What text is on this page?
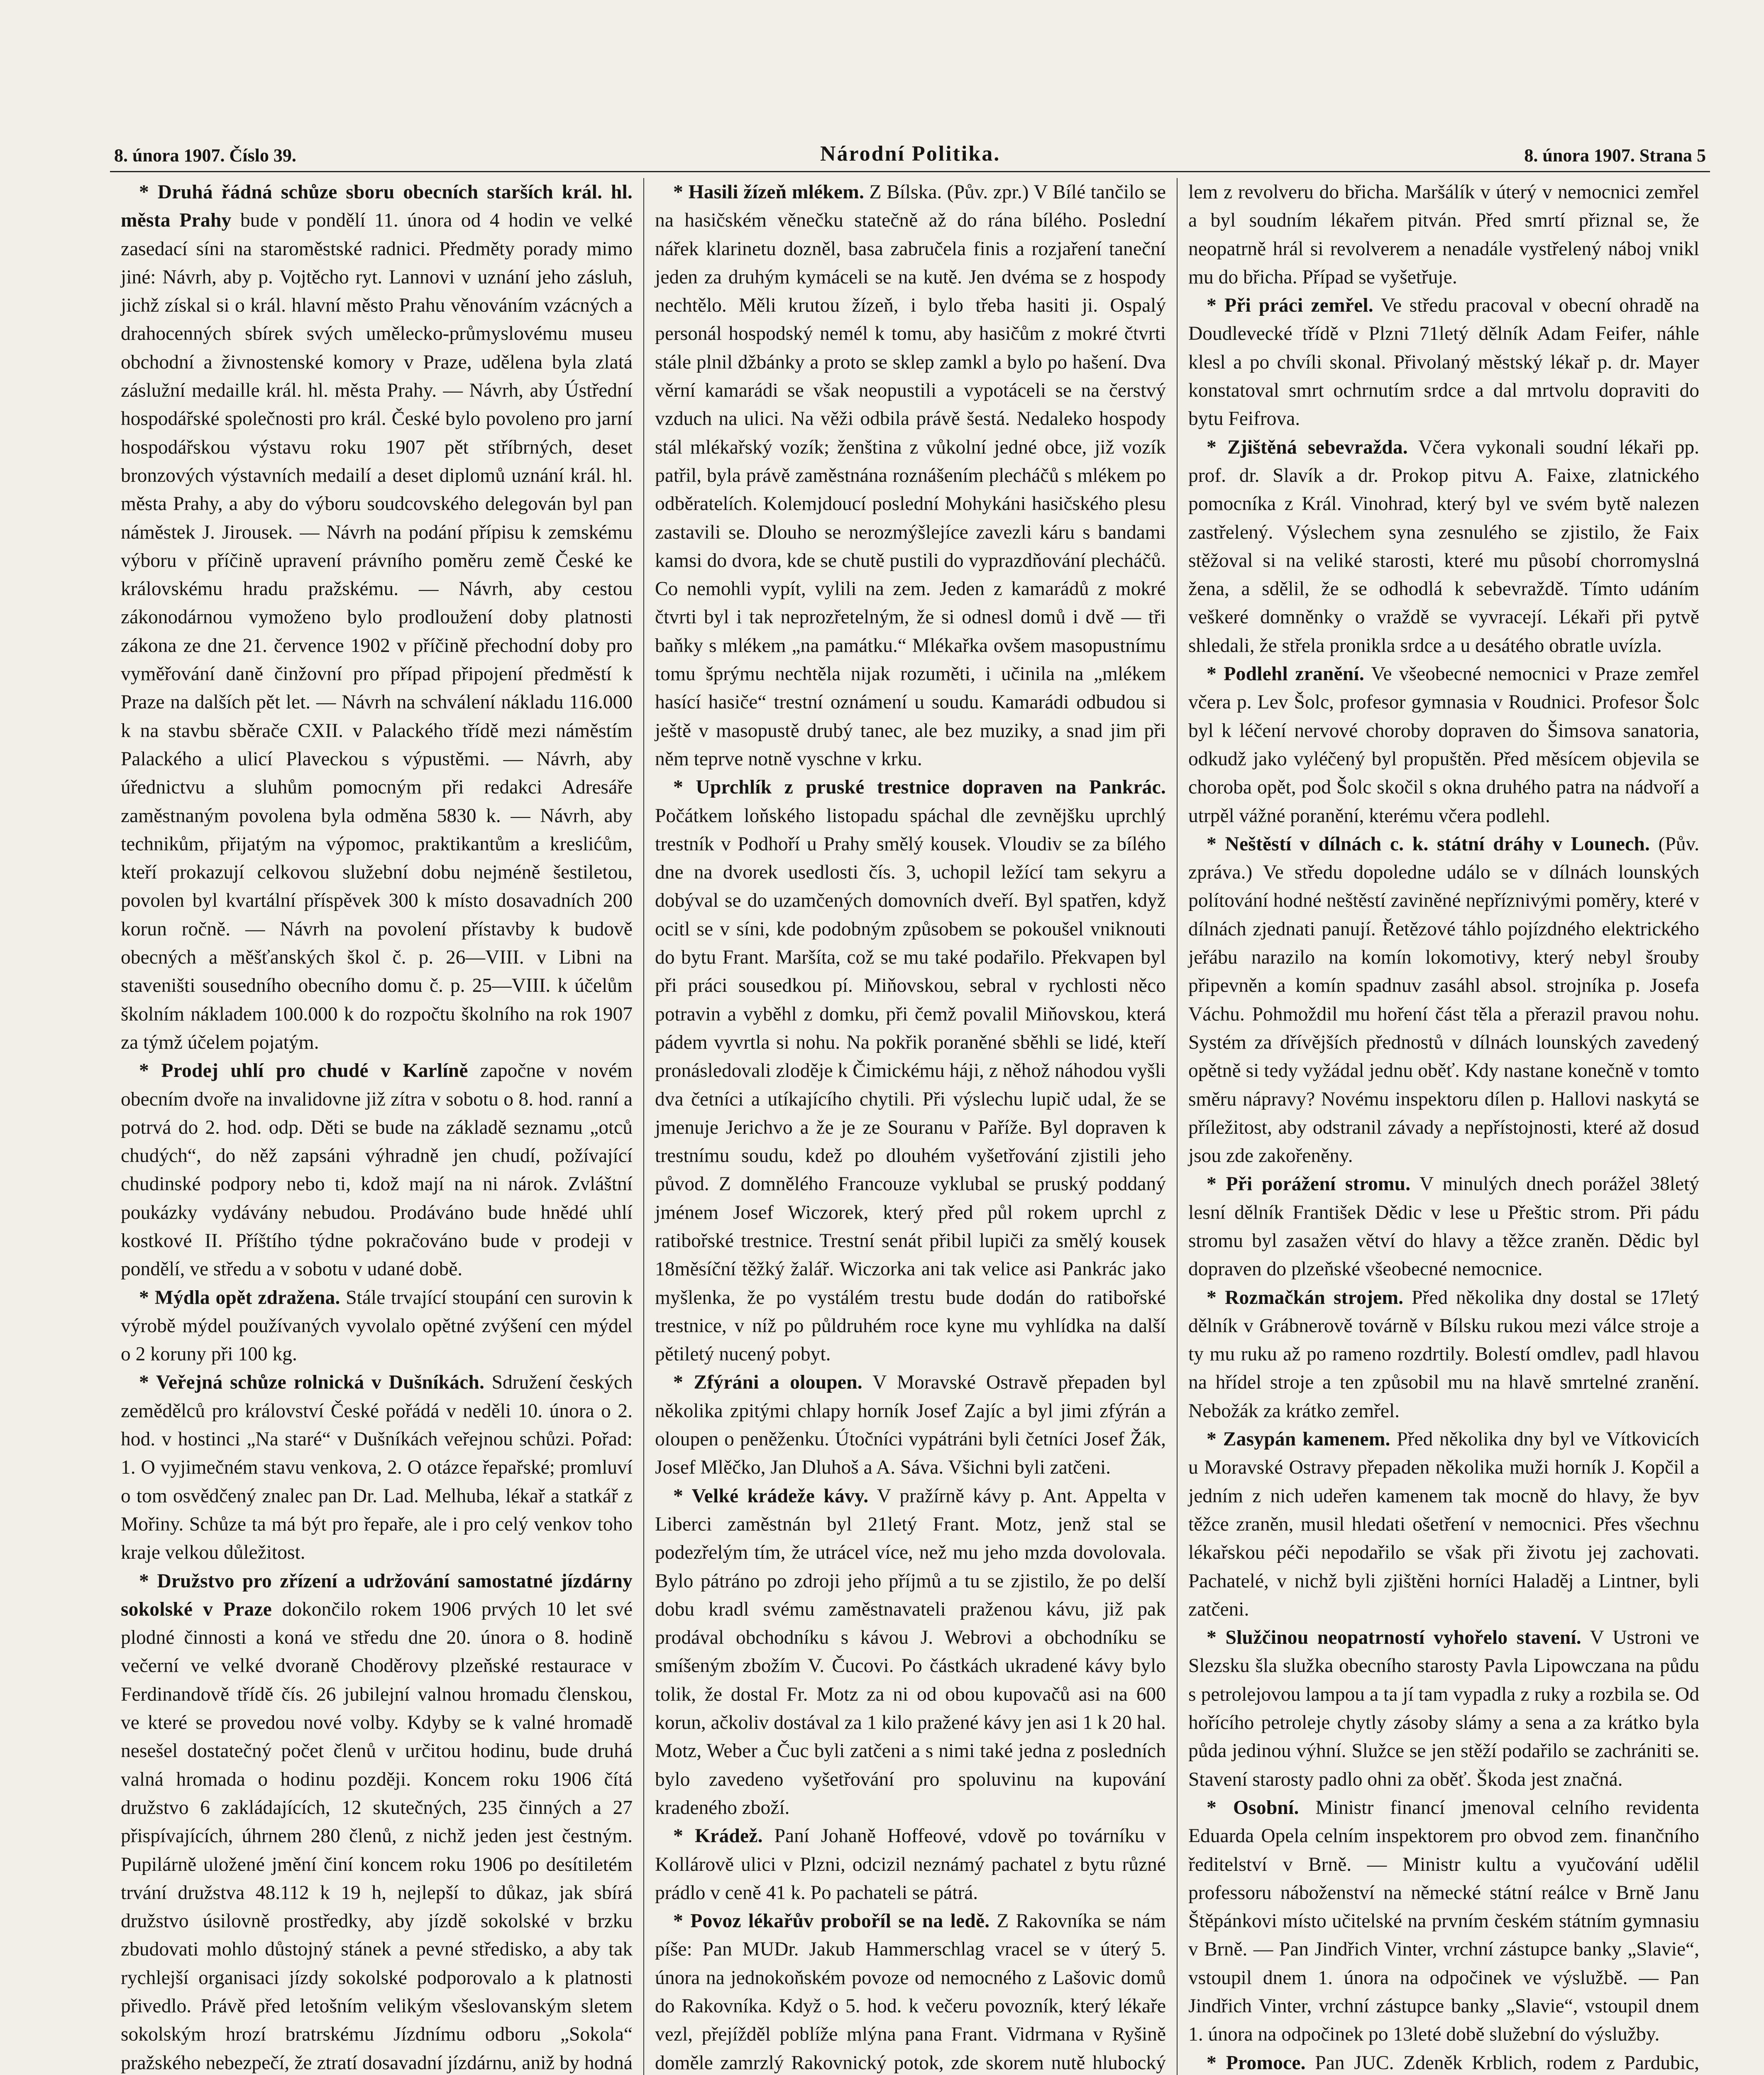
8. února 1907. Číslo 39.	Národní Politika.	8. února 1907. Strana 5

* Druhá řádná schůze sboru obecních starších král. hl. města Prahy bude v pondělí 11. února od 4 hodin ve velké zasedací síni na staroměstské radnici. Předměty porady mimo jiné: Návrh, aby p. Vojtěcho ryt. Lannovi v uznání jeho zásluh, jichž získal si o král. hlavní město Prahu věnováním vzácných a drahocenných sbírek svých umělecko-průmyslovému museu obchodní a živnostenské komory v Praze, udělena byla zlatá záslužní medaille král. hl. města Prahy. — Návrh, aby Ústřední hospodářské společnosti pro král. České bylo povoleno pro jarní hospodářskou výstavu roku 1907 pět stříbrných, deset bronzových výstavních medailí a deset diplomů uznání král. hl. města Prahy, a aby do výboru soudcovského delegován byl pan náměstek J. Jirousek. — Návrh na podání přípisu k zemskému výboru v příčině upravení právního poměru země České ke královskému hradu pražskému. — Návrh, aby cestou zákonodárnou vymoženo bylo prodloužení doby platnosti zákona ze dne 21. července 1902 v příčině přechodní doby pro vyměřování daně činžovní pro případ připojení předměstí k Praze na dalších pět let. — Návrh na schválení nákladu 116.000 k na stavbu sběrače CXII. v Palackého třídě mezi náměstím Palackého a ulicí Plaveckou s výpustěmi. — Návrh, aby úřednictvu a sluhům pomocným při redakci Adresáře zaměstnaným povolena byla odměna 5830 k. — Návrh, aby technikům, přijatým na výpomoc, praktikantům a kreslićům, kteří prokazují celkovou služební dobu nejméně šestiletou, povolen byl kvartální příspěvek 300 k místo dosavadních 200 korun ročně. — Návrh na povolení přístavby k budově obecných a měšťanských škol č. p. 26—VIII. v Libni na staveništi sousedního obecního domu č. p. 25—VIII. k účelům školním nákladem 100.000 k do rozpočtu školního na rok 1907 za týmž účelem pojatým.

* Prodej uhlí pro chudé v Karlíně započne v novém obecním dvoře na invalidovne již zítra v sobotu o 8. hod. ranní a potrvá do 2. hod. odp. Děti se bude na základě seznamu „otců chudých“, do něž zapsáni výhradně jen chudí, požívající chudinské podpory nebo ti, kdož mají na ni nárok. Zvláštní poukázky vydávány nebudou. Prodáváno bude hnědé uhlí kostkové II. Příštího týdne pokračováno bude v prodeji v pondělí, ve středu a v sobotu v udané době.

* Mýdla opět zdražena. Stále trvající stoupání cen surovin k výrobě mýdel používaných vyvolalo opětné zvýšení cen mýdel o 2 koruny při 100 kg.

* Veřejná schůze rolnická v Dušníkách. Sdružení českých zemědělců pro království České pořádá v neděli 10. února o 2. hod. v hostinci „Na staré“ v Dušníkách veřejnou schůzi. Pořad: 1. O vyjimečném stavu venkova, 2. O otázce řepařské; promluví o tom osvědčený znalec pan Dr. Lad. Melhuba, lékař a statkář z Mořiny. Schůze ta má být pro řepaře, ale i pro celý venkov toho kraje velkou důležitost.

* Družstvo pro zřízení a udržování samostatné jízdárny sokolské v Praze dokončilo rokem 1906 prvých 10 let své plodné činnosti a koná ve středu dne 20. února o 8. hodině večerní ve velké dvoraně Choděrovy plzeňské restaurace v Ferdinandově třídě čís. 26 jubilejní valnou hromadu členskou, ve které se provedou nové volby. Kdyby se k valné hromadě nesešel dostatečný počet členů v určitou hodinu, bude druhá valná hromada o hodinu později. Koncem roku 1906 čítá družstvo 6 zakládajících, 12 skutečných, 235 činných a 27 přispívajících, úhrnem 280 členů, z nichž jeden jest čestným. Pupilárně uložené jmění činí koncem roku 1906 po desítiletém trvání družstva 48.112 k 19 h, nejlepší to důkaz, jak sbírá družstvo úsilovně prostředky, aby jízdě sokolské v brzku zbudovati mohlo důstojný stánek a pevné středisko, a aby tak rychlejší organisaci jízdy sokolské podporovalo a k platnosti přivedlo. Právě před letošním velikým všeslovanským sletem sokolským hrozí bratrskému Jízdnímu odboru „Sokola“ pražského nebezpečí, že ztratí dosavadní jízdárnu, aniž by hodná

* Hasili žízeň mlékem. Z Bílska. (Pův. zpr.) V Bílé tančilo se na hasičském věnečku statečně až do rána bílého. Poslední nářek klarinetu dozněl, basa zabručela finis a rozjaření taneční jeden za druhým kymáceli se na kutě. Jen dvéma se z hospody nechtělo. Měli krutou žízeň, i bylo třeba hasiti ji. Ospalý personál hospodský nemél k tomu, aby hasičům z mokré čtvrti stále plnil džbánky a proto se sklep zamkl a bylo po hašení. Dva věrní kamarádi se však neopustili a vypotáceli se na čerstvý vzduch na ulici. Na věži odbila právě šestá. Nedaleko hospody stál mlékařský vozík; ženština z vůkolní jedné obce, již vozík patřil, byla právě zaměstnána roznášením plecháčů s mlékem po odběratelích. Kolemjdoucí poslední Mohykáni hasičského plesu zastavili se. Dlouho se nerozmýšlejíce zavezli káru s bandami kamsi do dvora, kde se chutě pustili do vyprazdňování plecháčů. Co nemohli vypít, vylili na zem. Jeden z kamarádů z mokré čtvrti byl i tak neprozřetelným, že si odnesl domů i dvě — tři baňky s mlékem „na památku.“ Mlékařka ovšem masopustnímu tomu šprýmu nechtěla nijak rozuměti, i učinila na „mlékem hasící hasiče“ trestní oznámení u soudu. Kamarádi odbudou si ještě v masopustě drubý tanec, ale bez muziky, a snad jim při něm teprve notně vyschne v krku.

* Uprchlík z pruské trestnice dopraven na Pankrác. Počátkem loňského listopadu spáchal dle zevnějšku uprchlý trestník v Podhoří u Prahy smělý kousek. Vloudiv se za bílého dne na dvorek usedlosti čís. 3, uchopil ležící tam sekyru a dobýval se do uzamčených domovních dveří. Byl spatřen, když ocitl se v síni, kde podobným způsobem se pokoušel vniknouti do bytu Frant. Maršíta, což se mu také podařilo. Překvapen byl při práci sousedkou pí. Miňovskou, sebral v rychlosti něco potravin a vyběhl z domku, při čemž povalil Miňovskou, která pádem vyvrtla si nohu. Na pokřik poraněné sběhli se lidé, kteří pronásledovali zloděje k Čimickému háji, z něhož náhodou vyšli dva četníci a utíkajícího chytili. Při výslechu lupič udal, že se jmenuje Jerichvo a že je ze Souranu v Paříže. Byl dopraven k trestnímu soudu, kdež po dlouhém vyšetřování zjistili jeho původ. Z domnělého Francouze vyklubal se pruský poddaný jménem Josef Wiczorek, který před půl rokem uprchl z ratibořské trestnice. Trestní senát přibil lupiči za smělý kousek 18měsíční těžký žalář. Wiczorka ani tak velice asi Pankrác jako myšlenka, že po vystálém trestu bude dodán do ratibořské trestnice, v níž po půldruhém roce kyne mu vyhlídka na další pětiletý nucený pobyt.

* Zfýráni a oloupen. V Moravské Ostravě přepaden byl několika zpitými chlapy horník Josef Zajíc a byl jimi zfýrán a oloupen o peněženku. Útočníci vypátráni byli četníci Josef Žák, Josef Mlěčko, Jan Dluhoš a A. Sáva. Všichni byli zatčeni.

* Velké krádeže kávy. V pražírně kávy p. Ant. Appelta v Liberci zaměstnán byl 21letý Frant. Motz, jenž stal se podezřelým tím, že utrácel více, než mu jeho mzda dovolovala. Bylo pátráno po zdroji jeho příjmů a tu se zjistilo, že po delší dobu kradl svému zaměstnavateli praženou kávu, již pak prodával obchodníku s kávou J. Webrovi a obchodníku se smíšeným zbožím V. Čucovi. Po částkách ukradené kávy bylo tolik, že dostal Fr. Motz za ni od obou kupovačů asi na 600 korun, ačkoliv dostával za 1 kilo pražené kávy jen asi 1 k 20 hal. Motz, Weber a Čuc byli zatčeni a s nimi také jedna z posledních bylo zavedeno vyšetřování pro spoluvinu na kupování kradeného zboží.

* Krádež. Paní Johaně Hoffeové, vdově po továrníku v Kollárově ulici v Plzni, odcizil neznámý pachatel z bytu různé prádlo v ceně 41 k. Po pachateli se pátrá.

* Povoz lékařův proboříl se na ledě. Z Rakovníka se nám píše: Pan MUDr. Jakub Hammerschlag vracel se v úterý 5. února na jednokoňském povoze od nemocného z Lašovic domů do Rakovníka. Když o 5. hod. k večeru povozník, který lékaře vezl, přejížděl poblíže mlýna pana Frant. Vidrmana v Ryšině doměle zamrzlý Rakovnický potok, zde skorem nutě hlubocký

lem z revolveru do břicha. Maršálík v úterý v nemocnici zemřel a byl soudním lékařem pitván. Před smrtí přiznal se, že neopatrně hrál si revolverem a nenadále vystřelený náboj vnikl mu do břicha. Případ se vyšetřuje.

* Při práci zemřel. Ve středu pracoval v obecní ohradě na Doudlevecké třídě v Plzni 71letý dělník Adam Feifer, náhle klesl a po chvíli skonal. Přivolaný městský lékař p. dr. Mayer konstatoval smrt ochrnutím srdce a dal mrtvolu dopraviti do bytu Feifrova.

* Zjištěná sebevražda. Včera vykonali soudní lékaři pp. prof. dr. Slavík a dr. Prokop pitvu A. Faixe, zlatnického pomocníka z Král. Vinohrad, který byl ve svém bytě nalezen zastřelený. Výslechem syna zesnulého se zjistilo, že Faix stěžoval si na veliké starosti, které mu působí chorromyslná žena, a sdělil, že se odhodlá k sebevraždě. Tímto udáním veškeré domněnky o vraždě se vyvracejí. Lékaři při pytvě shledali, že střela pronikla srdce a u desátého obratle uvízla.

* Podlehl zranění. Ve všeobecné nemocnici v Praze zemřel včera p. Lev Šolc, profesor gymnasia v Roudnici. Profesor Šolc byl k léčení nervové choroby dopraven do Šimsova sanatoria, odkudž jako vyléčený byl propuštěn. Před měsícem objevila se choroba opět, pod Šolc skočil s okna druhého patra na nádvoří a utrpěl vážné poranění, kterému včera podlehl.

* Neštěstí v dílnách c. k. státní dráhy v Lounech. (Pův. zpráva.) Ve středu dopoledne událo se v dílnách lounských polítování hodné neštěstí zaviněné nepříznivými poměry, které v dílnách zjednati panují. Řetězové táhlo pojízdného elektrického jeřábu narazilo na komín lokomotivy, který nebyl šrouby připevněn a komín spadnuv zasáhl absol. strojníka p. Josefa Váchu. Pohmoždil mu hoření část těla a přerazil pravou nohu. Systém za dřívějších přednostů v dílnách lounských zavedený opětně si tedy vyžádal jednu oběť. Kdy nastane konečně v tomto směru nápravy? Novému inspektoru dílen p. Hallovi naskytá se příležitost, aby odstranil závady a nepřístojnosti, které až dosud jsou zde zakořeněny.

* Při porážení stromu. V minulých dnech porážel 38letý lesní dělník František Dědic v lese u Přeštic strom. Při pádu stromu byl zasažen větví do hlavy a těžce zraněn. Dědic byl dopraven do plzeňské všeobecné nemocnice.

* Rozmačkán strojem. Před několika dny dostal se 17letý dělník v Grábnerově továrně v Bílsku rukou mezi válce stroje a ty mu ruku až po rameno rozdrtily. Bolestí omdlev, padl hlavou na hřídel stroje a ten způsobil mu na hlavě smrtelné zranění. Nebožák za krátko zemřel.

* Zasypán kamenem. Před několika dny byl ve Vítkovicích u Moravské Ostravy přepaden několika muži horník J. Kopčil a jedním z nich udeřen kamenem tak mocně do hlavy, že byv těžce zraněn, musil hledati ošetření v nemocnici. Přes všechnu lékařskou péči nepodařilo se však při životu jej zachovati. Pachatelé, v nichž byli zjištěni horníci Haladěj a Lintner, byli zatčeni.

* Služčinou neopatrností vyhořelo stavení. V Ustroni ve Slezsku šla služka obecního starosty Pavla Lipowczana na půdu s petrolejovou lampou a ta jí tam vypadla z ruky a rozbila se. Od hořícího petroleje chytly zásoby slámy a sena a za krátko byla půda jedinou výhní. Služce se jen stěží podařilo se zachrániti se. Stavení starosty padlo ohni za oběť. Škoda jest značná.

* Osobní. Ministr financí jmenoval celního revidenta Eduarda Opela celním inspektorem pro obvod zem. finančního ředitelství v Brně. — Ministr kultu a vyučování udělil professoru náboženství na německé státní reálce v Brně Janu Štěpánkovi místo učitelské na prvním českém státním gymnasiu v Brně. — Pan Jindřich Vinter, vrchní zástupce banky „Slavie“, vstoupil dnem 1. února na odpočinek ve výslužbě. — Pan Jindřich Vinter, vrchní zástupce banky „Slavie“, vstoupil dnem 1. února na odpočinek po 13leté době služební do výslužby.

* Promoce. Pan JUC. Zdeněk Krblich, rodem z Pardubic,
